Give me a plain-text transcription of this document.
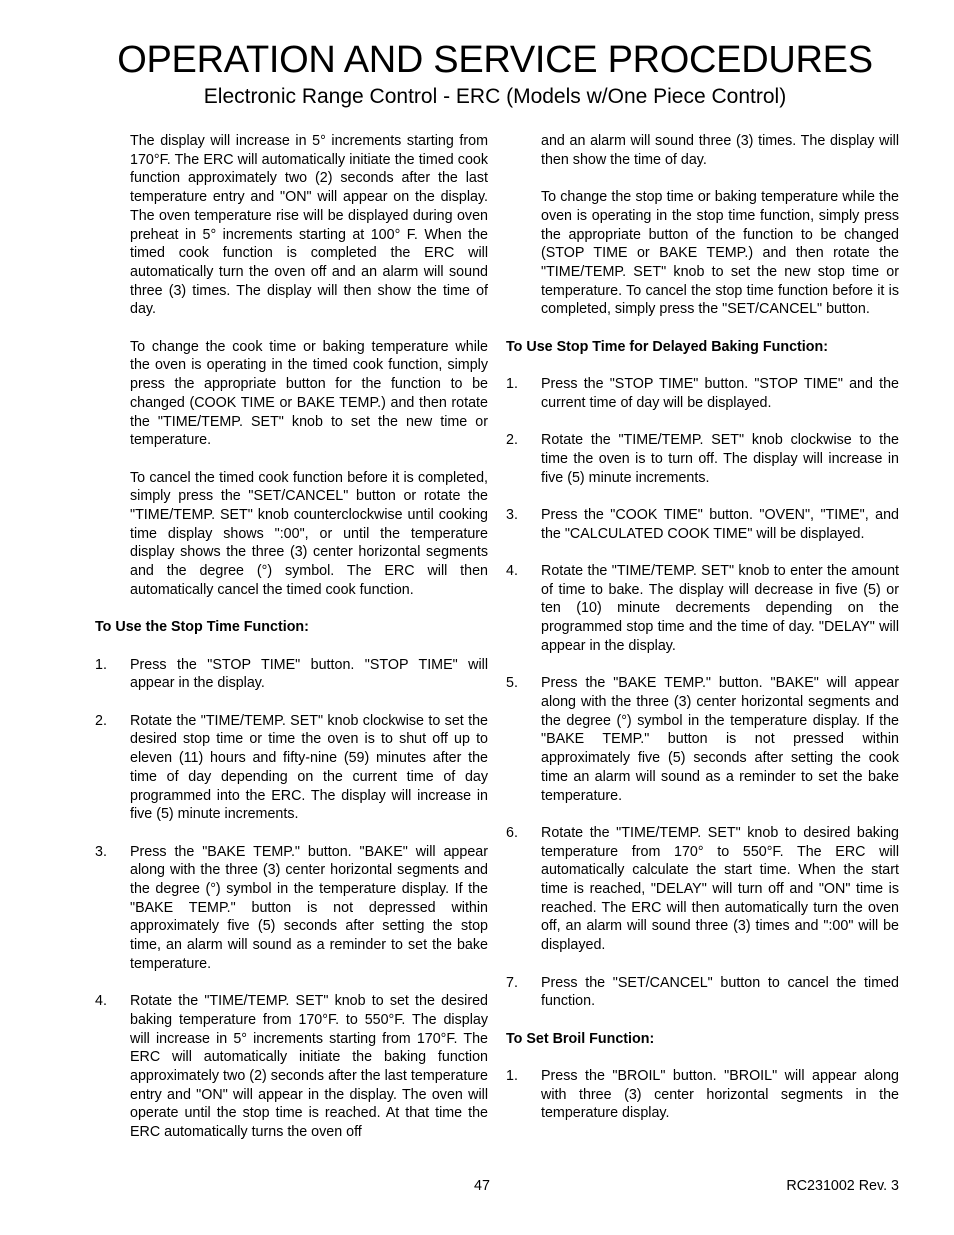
OPERATION AND SERVICE PROCEDURES
Electronic Range Control - ERC (Models w/One Piece Control)

The display will increase in 5° increments starting from 170°F. The ERC will automatically initiate the timed cook function approximately two (2) seconds after the last temperature entry and "ON" will appear on the display. The oven temperature rise will be displayed during oven preheat in 5° increments starting at 100° F. When the timed cook function is completed the ERC will automatically turn the oven off and an alarm will sound three (3) times. The display will then show the time of day.

To change the cook time or baking temperature while the oven is operating in the timed cook function, simply press the appropriate button for the function to be changed (COOK TIME or BAKE TEMP.) and then rotate the "TIME/TEMP. SET" knob to set the new time or temperature.

To cancel the timed cook function before it is completed, simply press the "SET/CANCEL" button or rotate the "TIME/TEMP. SET" knob counterclockwise until cooking time display shows ":00", or until the temperature display shows the three (3) center horizontal segments and the degree (°) symbol. The ERC will then automatically cancel the timed cook function.

To Use the Stop Time Function:
1.	Press the "STOP TIME" button. "STOP TIME" will appear in the display.
2.	Rotate the "TIME/TEMP. SET" knob clockwise to set the desired stop time or time the oven is to shut off up to eleven (11) hours and fifty-nine (59) minutes after the time of day depending on the current time of day programmed into the ERC. The display will increase in five (5) minute increments.
3.	Press the "BAKE TEMP." button. "BAKE" will appear along with the three (3) center horizontal segments and the degree (°) symbol in the temperature display. If the "BAKE TEMP." button is not depressed within approximately five (5) seconds after setting the stop time, an alarm will sound as a reminder to set the bake temperature.
4.	Rotate the "TIME/TEMP. SET" knob to set the desired baking temperature from 170°F. to 550°F. The display will increase in 5° increments starting from 170°F. The ERC will automatically initiate the baking function approximately two (2) seconds after the last temperature entry and "ON" will appear in the display. The oven will operate until the stop time is reached. At that time the ERC automatically turns the oven off

and an alarm will sound three (3) times. The display will then show the time of day.

To change the stop time or baking temperature while the oven is operating in the stop time function, simply press the appropriate button of the function to be changed (STOP TIME or BAKE TEMP.) and then rotate the "TIME/TEMP. SET" knob to set the new stop time or temperature. To cancel the stop time function before it is completed, simply press the "SET/CANCEL" button.

To Use Stop Time for Delayed Baking Function:
1.	Press the "STOP TIME" button. "STOP TIME" and the current time of day will be displayed.
2.	Rotate the "TIME/TEMP. SET" knob clockwise to the time the oven is to turn off. The display will increase in five (5) minute increments.
3.	Press the "COOK TIME" button. "OVEN", "TIME", and the "CALCULATED COOK TIME" will be displayed.
4.	Rotate the "TIME/TEMP. SET" knob to enter the amount of time to bake. The display will decrease in five (5) or ten (10) minute decrements depending on the programmed stop time and the time of day. "DELAY" will appear in the display.
5.	Press the "BAKE TEMP." button. "BAKE" will appear along with the three (3) center horizontal segments and the degree (°) symbol in the temperature display. If the "BAKE TEMP." button is not pressed within approximately five (5) seconds after setting the cook time an alarm will sound as a reminder to set the bake temperature.
6.	Rotate the "TIME/TEMP. SET" knob to desired baking temperature from 170° to 550°F. The ERC will automatically calculate the start time. When the start time is reached, "DELAY" will turn off and "ON" time is reached. The ERC will then automatically turn the oven off, an alarm will sound three (3) times and ":00" will be displayed.
7.	Press the "SET/CANCEL" button to cancel the timed function.
To Set Broil Function:
1.	Press the "BROIL" button. "BROIL" will appear along with three (3) center horizontal segments in the temperature display.
47	RC231002 Rev. 3
